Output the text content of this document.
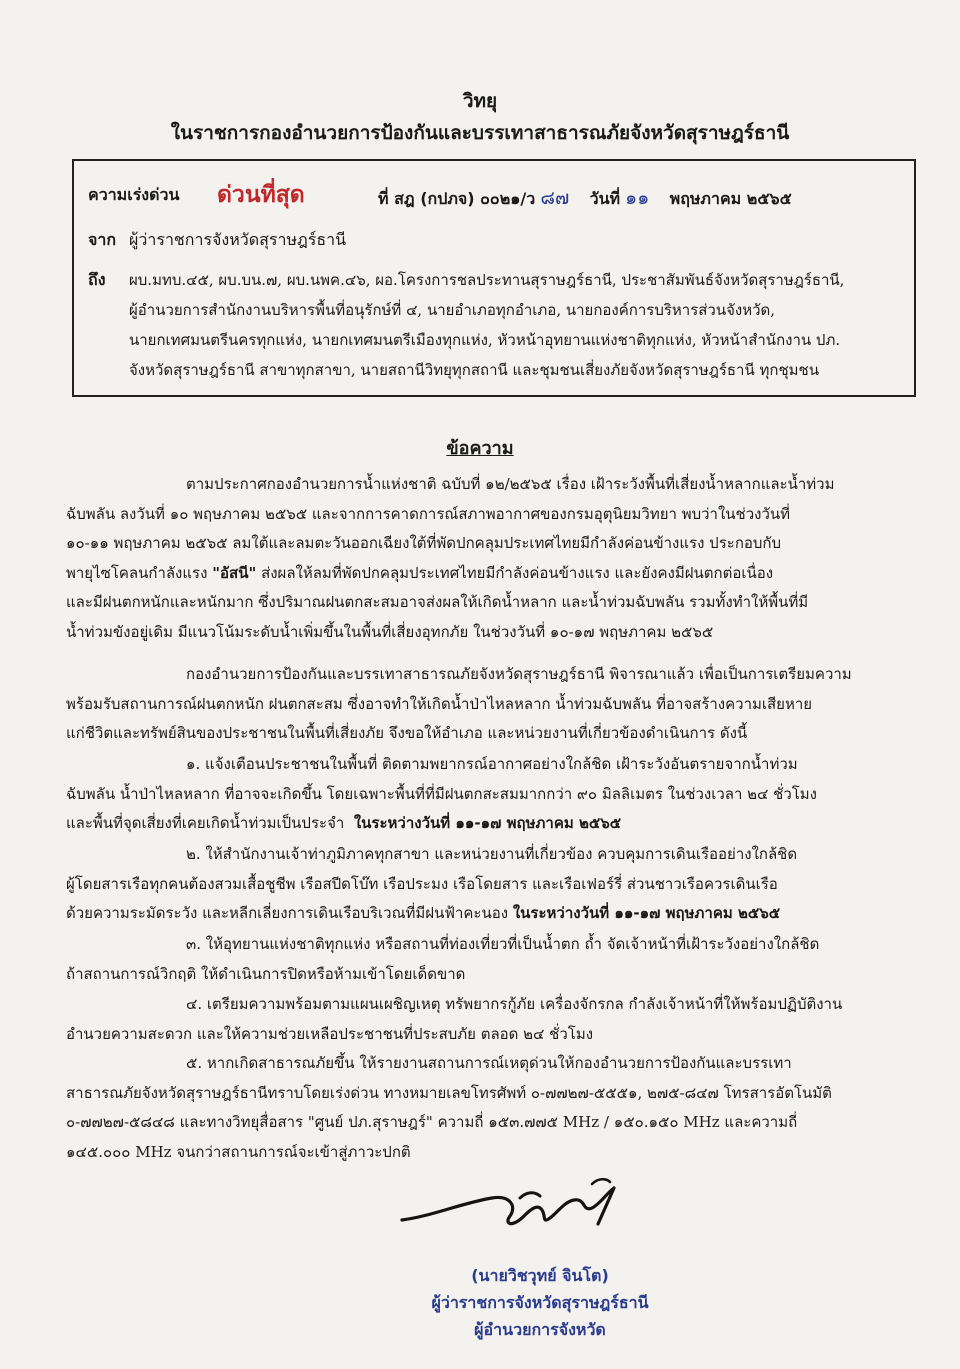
วิทยุ
ในราชการกองอำนวยการป้องกันและบรรเทาสาธารณภัยจังหวัดสุราษฎร์ธานี
ความเร่งด่วน ด่วนที่สุด	ที่ สฎ (กปภจ) ๐๐๒๑/ว ๘๗ วันที่ ๑๑ พฤษภาคม ๒๕๖๕
จาก ผู้ว่าราชการจังหวัดสุราษฎร์ธานี
ถึง ผบ.มทบ.๔๕, ผบ.บน.๗, ผบ.นพค.๔๖, ผอ.โครงการชลประทานสุราษฎร์ธานี, ประชาสัมพันธ์จังหวัดสุราษฎร์ธานี,
ผู้อำนวยการสำนักงานบริหารพื้นที่อนุรักษ์ที่ ๔, นายอำเภอทุกอำเภอ, นายกองค์การบริหารส่วนจังหวัด,
นายกเทศมนตรีนครทุกแห่ง, นายกเทศมนตรีเมืองทุกแห่ง, หัวหน้าอุทยานแห่งชาติทุกแห่ง, หัวหน้าสำนักงาน ปภ.
จังหวัดสุราษฎร์ธานี สาขาทุกสาขา, นายสถานีวิทยุทุกสถานี และชุมชนเสี่ยงภัยจังหวัดสุราษฎร์ธานี ทุกชุมชน
ข้อความ

ตามประกาศกองอำนวยการน้ำแห่งชาติ ฉบับที่ ๑๒/๒๕๖๕ เรื่อง เฝ้าระวังพื้นที่เสี่ยงน้ำหลากและน้ำท่วม

ฉับพลัน ลงวันที่ ๑๐ พฤษภาคม ๒๕๖๕ และจากการคาดการณ์สภาพอากาศของกรมอุตุนิยมวิทยา พบว่าในช่วงวันที่

๑๐-๑๑ พฤษภาคม ๒๕๖๕ ลมใต้และลมตะวันออกเฉียงใต้ที่พัดปกคลุมประเทศไทยมีกำลังค่อนข้างแรง ประกอบกับ

พายุไซโคลนกำลังแรง "อัสนี" ส่งผลให้ลมที่พัดปกคลุมประเทศไทยมีกำลังค่อนข้างแรง และยังคงมีฝนตกต่อเนื่อง

และมีฝนตกหนักและหนักมาก ซึ่งปริมาณฝนตกสะสมอาจส่งผลให้เกิดน้ำหลาก และน้ำท่วมฉับพลัน รวมทั้งทำให้พื้นที่มี

น้ำท่วมขังอยู่เดิม มีแนวโน้มระดับน้ำเพิ่มขึ้นในพื้นที่เสี่ยงอุทกภัย ในช่วงวันที่ ๑๐-๑๗ พฤษภาคม ๒๕๖๕

กองอำนวยการป้องกันและบรรเทาสาธารณภัยจังหวัดสุราษฎร์ธานี พิจารณาแล้ว เพื่อเป็นการเตรียมความ

พร้อมรับสถานการณ์ฝนตกหนัก ฝนตกสะสม ซึ่งอาจทำให้เกิดน้ำป่าไหลหลาก น้ำท่วมฉับพลัน ที่อาจสร้างความเสียหาย

แก่ชีวิตและทรัพย์สินของประชาชนในพื้นที่เสี่ยงภัย จึงขอให้อำเภอ และหน่วยงานที่เกี่ยวข้องดำเนินการ ดังนี้

๑. แจ้งเตือนประชาชนในพื้นที่ ติดตามพยากรณ์อากาศอย่างใกล้ชิด เฝ้าระวังอันตรายจากน้ำท่วม

ฉับพลัน น้ำป่าไหลหลาก ที่อาจจะเกิดขึ้น โดยเฉพาะพื้นที่ที่มีฝนตกสะสมมากกว่า ๙๐ มิลลิเมตร ในช่วงเวลา ๒๔ ชั่วโมง

และพื้นที่จุดเสี่ยงที่เคยเกิดน้ำท่วมเป็นประจำ ในระหว่างวันที่ ๑๑-๑๗ พฤษภาคม ๒๕๖๕

๒. ให้สำนักงานเจ้าท่าภูมิภาคทุกสาขา และหน่วยงานที่เกี่ยวข้อง ควบคุมการเดินเรืออย่างใกล้ชิด

ผู้โดยสารเรือทุกคนต้องสวมเสื้อชูชีพ เรือสปีดโบ๊ท เรือประมง เรือโดยสาร และเรือเฟอร์รี่ ส่วนชาวเรือควรเดินเรือ

ด้วยความระมัดระวัง และหลีกเลี่ยงการเดินเรือบริเวณที่มีฝนฟ้าคะนอง ในระหว่างวันที่ ๑๑-๑๗ พฤษภาคม ๒๕๖๕

๓. ให้อุทยานแห่งชาติทุกแห่ง หรือสถานที่ท่องเที่ยวที่เป็นน้ำตก ถ้ำ จัดเจ้าหน้าที่เฝ้าระวังอย่างใกล้ชิด

ถ้าสถานการณ์วิกฤติ ให้ดำเนินการปิดหรือห้ามเข้าโดยเด็ดขาด

๔. เตรียมความพร้อมตามแผนเผชิญเหตุ ทรัพยากรกู้ภัย เครื่องจักรกล กำลังเจ้าหน้าที่ให้พร้อมปฏิบัติงาน

อำนวยความสะดวก และให้ความช่วยเหลือประชาชนที่ประสบภัย ตลอด ๒๔ ชั่วโมง

๕. หากเกิดสาธารณภัยขึ้น ให้รายงานสถานการณ์เหตุด่วนให้กองอำนวยการป้องกันและบรรเทา

สาธารณภัยจังหวัดสุราษฎร์ธานีทราบโดยเร่งด่วน ทางหมายเลขโทรศัพท์ ๐-๗๗๒๗-๕๕๕๑, ๒๗๕-๘๔๗ โทรสารอัตโนมัติ

๐-๗๗๒๗-๕๘๔๘ และทางวิทยุสื่อสาร "ศูนย์ ปภ.สุราษฎร์" ความถี่ ๑๕๓.๗๗๕ MHz / ๑๕๐.๑๕๐ MHz และความถี่

๑๔๕.๐๐๐ MHz จนกว่าสถานการณ์จะเข้าสู่ภาวะปกติ

(นายวิชวุทย์ จินโต)
ผู้ว่าราชการจังหวัดสุราษฎร์ธานี
ผู้อำนวยการจังหวัด
